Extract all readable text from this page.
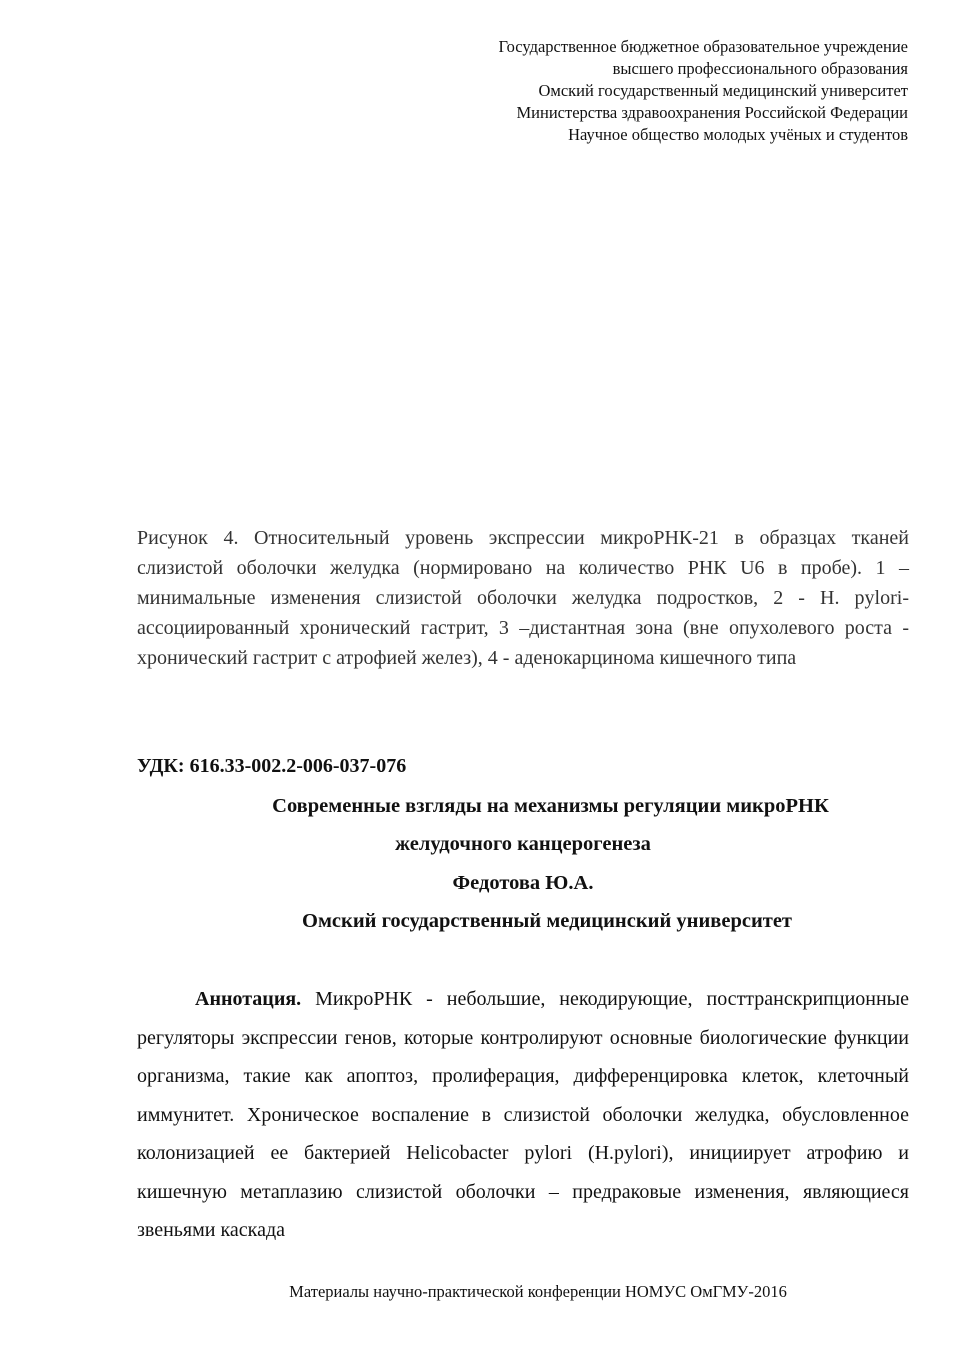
Государственное бюджетное образовательное учреждение
высшего профессионального образования
Омский государственный медицинский университет
Министерства здравоохранения Российской Федерации
Научное общество молодых учёных и студентов
Рисунок 4. Относительный уровень экспрессии микроРНК-21 в образцах тканей слизистой оболочки желудка (нормировано на количество РНК U6 в пробе). 1 – минимальные изменения слизистой оболочки желудка подростков, 2 - H. pylori-ассоциированный хронический гастрит, 3 –дистантная зона (вне опухолевого роста - хронический гастрит с атрофией желез), 4 - аденокарцинома кишечного типа
УДК: 616.33-002.2-006-037-076
Современные взгляды на механизмы регуляции микроРНК
желудочного канцерогенеза
Федотова Ю.А.
Омский государственный медицинский университет

Аннотация. МикроРНК - небольшие, некодирующие, посттранскрипционные регуляторы экспрессии генов, которые контролируют основные биологические функции организма, такие как апоптоз, пролиферация, дифференцировка клеток, клеточный иммунитет. Хроническое воспаление в слизистой оболочки желудка, обусловленное колонизацией ее бактерией Helicobacter pylori (H.pylori), инициирует атрофию и кишечную метаплазию слизистой оболочки – предраковые изменения, являющиеся звеньями каскада

Материалы научно-практической конференции НОМУС ОмГМУ-2016
